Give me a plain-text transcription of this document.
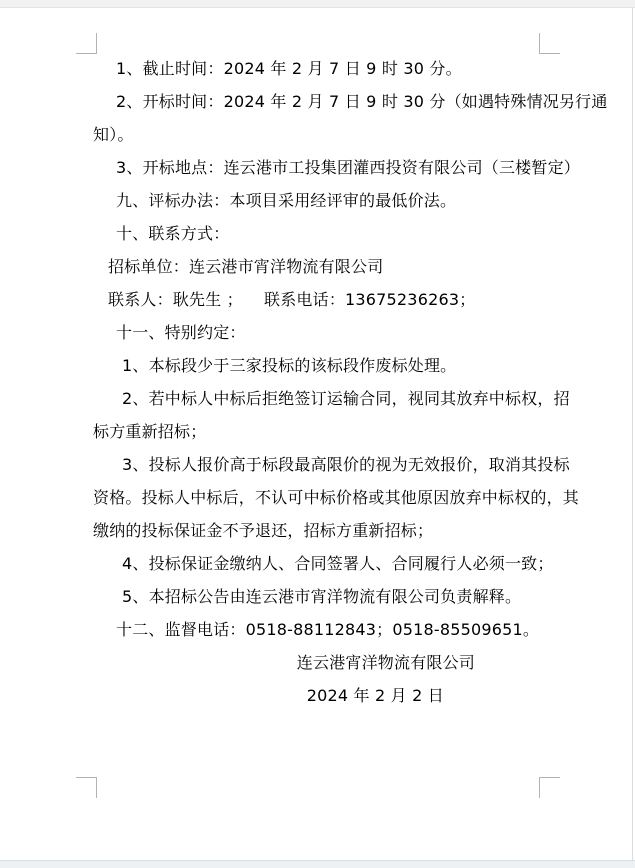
1、截止时间：2024 年 2 月 7 日 9 时 30 分。
2、开标时间：2024 年 2 月 7 日 9 时 30 分（如遇特殊情况另行通
知）。
3、开标地点：连云港市工投集团灌西投资有限公司（三楼暂定）
九、评标办法：本项目采用经评审的最低价法。
十、联系方式：
招标单位：连云港市宵洋物流有限公司
联系人：耿先生 ；    联系电话：13675236263；
十一、特别约定：
1、本标段少于三家投标的该标段作废标处理。
2、若中标人中标后拒绝签订运输合同，视同其放弃中标权，招
标方重新招标；
3、投标人报价高于标段最高限价的视为无效报价，取消其投标
资格。投标人中标后，不认可中标价格或其他原因放弃中标权的，其
缴纳的投标保证金不予退还，招标方重新招标；
4、投标保证金缴纳人、合同签署人、合同履行人必须一致；
5、本招标公告由连云港市宵洋物流有限公司负责解释。
十二、监督电话：0518-88112843；0518-85509651。
连云港宵洋物流有限公司
2024 年 2 月 2 日
